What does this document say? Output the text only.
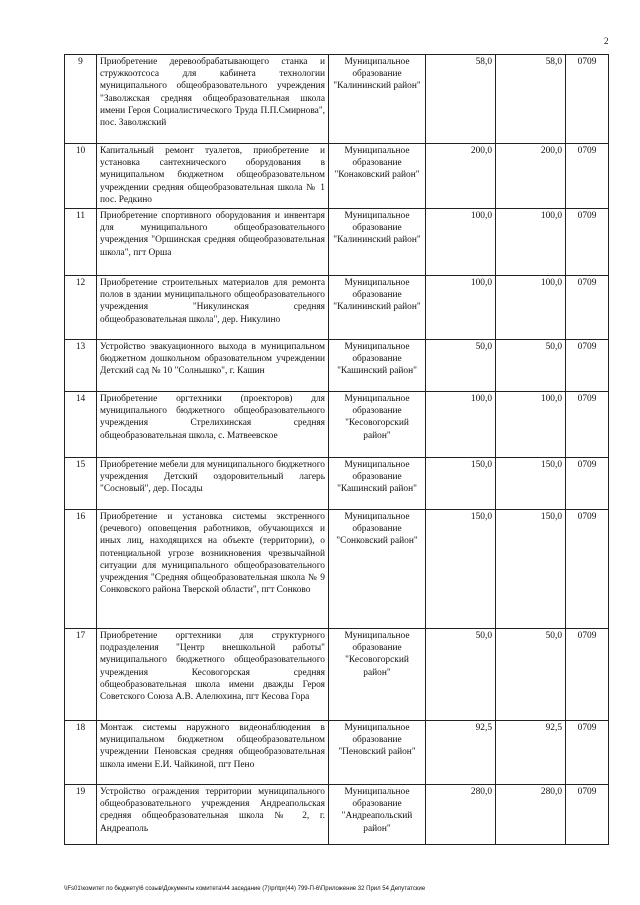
2
9	Приобретение деревообрабатывающего станка и стружкоотсоса для кабинета технологии муниципального общеобразовательного учреждения "Заволжская средняя общеобразовательная школа имени Героя Социалистического Труда П.П.Смирнова", пос. Заволжский	Муниципальное образование "Калининский район"	58,0	58,0	0709
10	Капитальный ремонт туалетов, приобретение и установка сантехнического оборудования в муниципальном бюджетном общеобразовательном учреждении средняя общеобразовательная школа № 1 пос. Редкино	Муниципальное образование "Конаковский район"	200,0	200,0	0709
11	Приобретение спортивного оборудования и инвентаря для муниципального общеобразовательного учреждения "Оршинская средняя общеобразовательная школа", пгт Орша	Муниципальное образование "Калининский район"	100,0	100,0	0709
12	Приобретение строительных материалов для ремонта полов в здании муниципального общеобразовательного учреждения "Никулинская средняя общеобразовательная школа", дер. Никулино	Муниципальное образование "Калининский район"	100,0	100,0	0709
13	Устройство эвакуационного выхода в муниципальном бюджетном дошкольном образовательном учреждении Детский сад № 10 "Солнышко", г. Кашин	Муниципальное образование "Кашинский район"	50,0	50,0	0709
14	Приобретение оргтехники (проекторов) для муниципального бюджетного общеобразовательного учреждения Стрелихинская средняя общеобразовательная школа, с. Матвеевское	Муниципальное образование "Кесовогорский район"	100,0	100,0	0709
15	Приобретение мебели для муниципального бюджетного учреждения Детский оздоровительный лагерь "Сосновый", дер. Посады	Муниципальное образование "Кашинский район"	150,0	150,0	0709
16	Приобретение и установка системы экстренного (речевого) оповещения работников, обучающихся и иных лиц, находящихся на объекте (территории), о потенциальной угрозе возникновения чрезвычайной ситуации для муниципального общеобразовательного учреждения "Средняя общеобразовательная школа № 9 Сонковского района Тверской области", пгт Сонково	Муниципальное образование "Сонковский район"	150,0	150,0	0709
17	Приобретение оргтехники для структурного подразделения "Центр внешкольной работы" муниципального бюджетного общеобразовательного учреждения Кесовогорская средняя общеобразовательная школа имени дважды Героя Советского Союза А.В. Алелюхина, пгт Кесова Гора	Муниципальное образование "Кесовогорский район"	50,0	50,0	0709
18	Монтаж системы наружного видеонаблюдения в муниципальном бюджетном общеобразовательном учреждении Пеновская средняя общеобразовательная школа имени Е.И. Чайкиной, пгт Пено	Муниципальное образование "Пеновский район"	92,5	92,5	0709
19	Устройство ограждения территории муниципального общеобразовательного учреждения Андреапольская средняя общеобразовательная школа № 2, г. Андреаполь	Муниципальное образование "Андреапольский район"	280,0	280,0	0709
\\Fs01\комитет по бюджету\6 созыв\Документы комитета\44 заседание (7)\pr\tpr(44) 799-П-6\Приложение 32 Прил 54 Депутатские
